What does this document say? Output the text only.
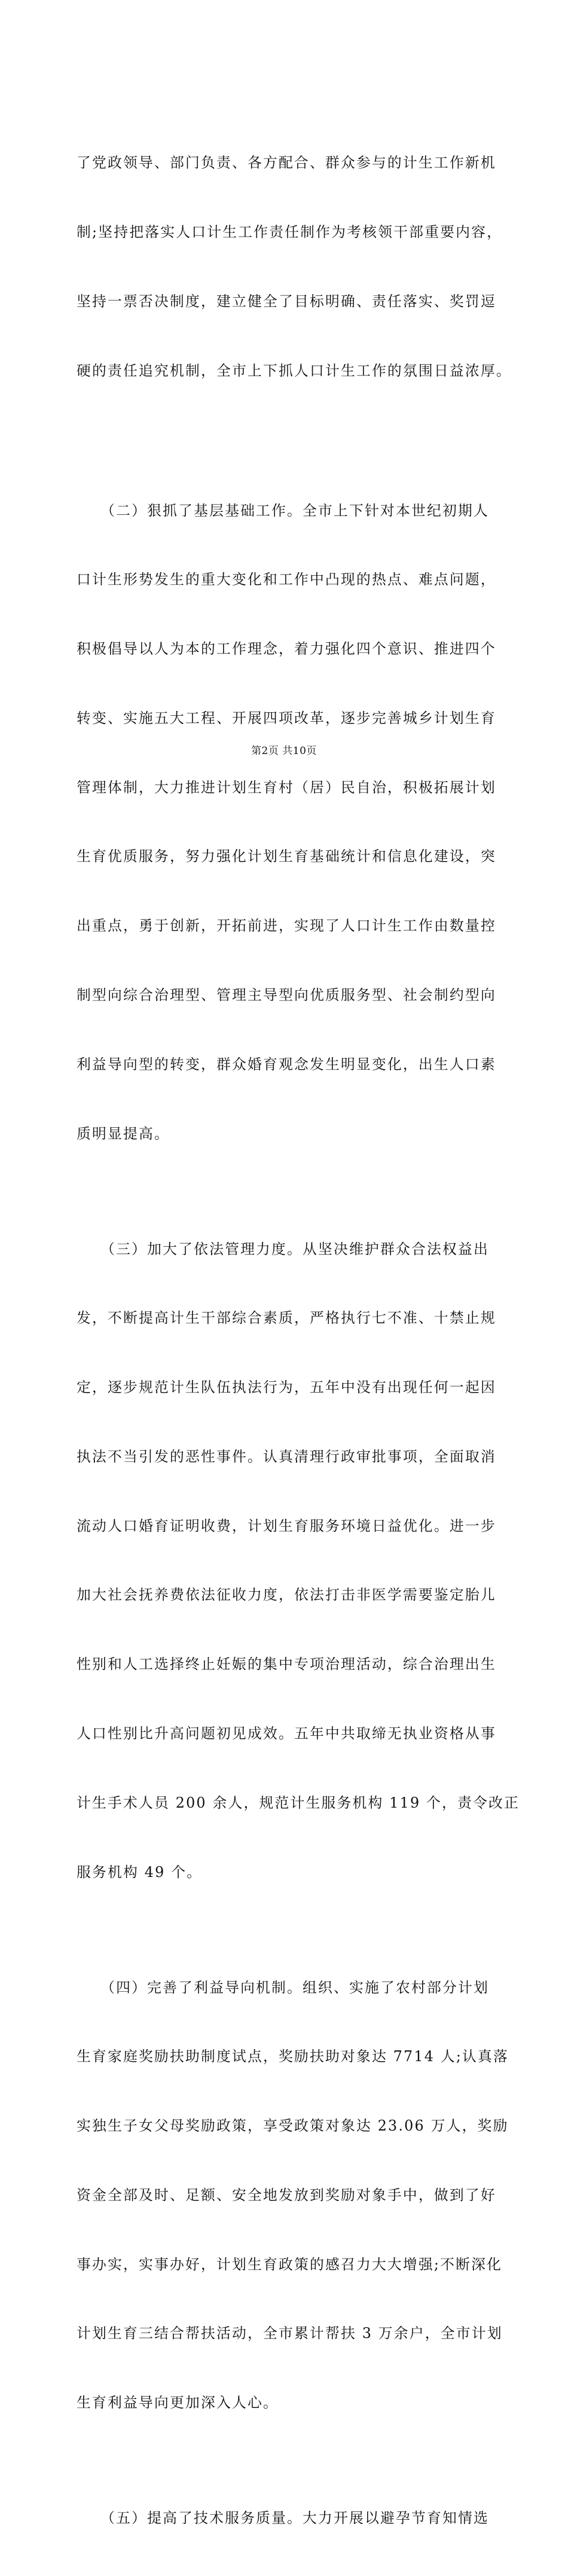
了党政领导、部门负责、各方配合、群众参与的计生工作新机

制;坚持把落实人口计生工作责任制作为考核领干部重要内容，

坚持一票否决制度，建立健全了目标明确、责任落实、奖罚逗

硬的责任追究机制，全市上下抓人口计生工作的氛围日益浓厚。

　　（二）狠抓了基层基础工作。全市上下针对本世纪初期人

口计生形势发生的重大变化和工作中凸现的热点、难点问题，

积极倡导以人为本的工作理念，着力强化四个意识、推进四个

转变、实施五大工程、开展四项改革，逐步完善城乡计划生育

管理体制，大力推进计划生育村（居）民自治，积极拓展计划

生育优质服务，努力强化计划生育基础统计和信息化建设，突

出重点，勇于创新，开拓前进，实现了人口计生工作由数量控

制型向综合治理型、管理主导型向优质服务型、社会制约型向

利益导向型的转变，群众婚育观念发生明显变化，出生人口素

质明显提高。

　　（三）加大了依法管理力度。从坚决维护群众合法权益出

发，不断提高计生干部综合素质，严格执行七不准、十禁止规

定，逐步规范计生队伍执法行为，五年中没有出现任何一起因

执法不当引发的恶性事件。认真清理行政审批事项，全面取消

流动人口婚育证明收费，计划生育服务环境日益优化。进一步

加大社会抚养费依法征收力度，依法打击非医学需要鉴定胎儿

性别和人工选择终止妊娠的集中专项治理活动，综合治理出生

人口性别比升高问题初见成效。五年中共取缔无执业资格从事

计生手术人员 200 余人，规范计生服务机构 119 个，责令改正

服务机构 49 个。

　　（四）完善了利益导向机制。组织、实施了农村部分计划

生育家庭奖励扶助制度试点，奖励扶助对象达 7714 人;认真落

实独生子女父母奖励政策，享受政策对象达 23.06 万人，奖励

资金全部及时、足额、安全地发放到奖励对象手中，做到了好

事办实，实事办好，计划生育政策的感召力大大增强;不断深化

计划生育三结合帮扶活动，全市累计帮扶 3 万余户，全市计划

生育利益导向更加深入人心。

　　（五）提高了技术服务质量。大力开展以避孕节育知情选

第2页 共10页
